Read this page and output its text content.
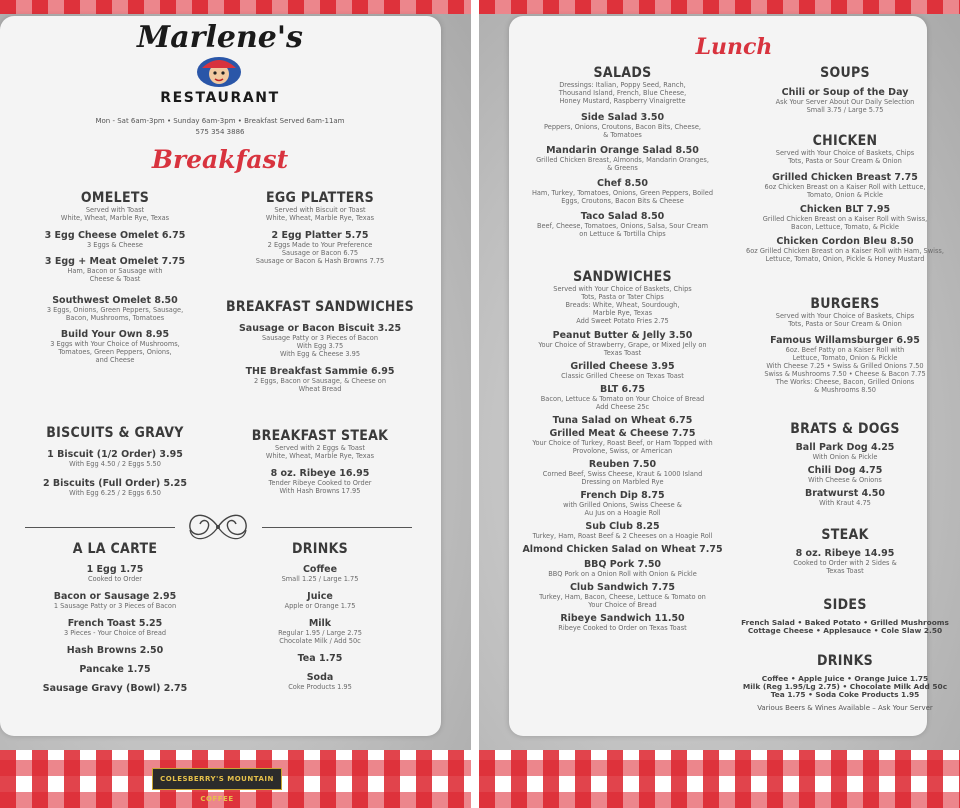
Marlene's
RESTAURANT
Mon - Sat 6am-3pm • Sunday 6am-3pm • Breakfast Served 6am-11am
575 354 3886
Breakfast
OMELETS
Served with Toast
White, Wheat, Marble Rye, Texas
3 Egg Cheese Omelet 6.75
3 Eggs & Cheese
3 Egg + Meat Omelet 7.75
Ham, Bacon or Sausage with
Cheese & Toast
Southwest Omelet 8.50
3 Eggs, Onions, Green Peppers, Sausage,
Bacon, Mushrooms, Tomatoes
Build Your Own 8.95
3 Eggs with Your Choice of Mushrooms,
Tomatoes, Green Peppers, Onions,
and Cheese
BISCUITS & GRAVY
1 Biscuit (1/2 Order) 3.95
With Egg 4.50 / 2 Eggs 5.50
2 Biscuits (Full Order) 5.25
With Egg 6.25 / 2 Eggs 6.50
EGG PLATTERS
Served with Biscuit or Toast
White, Wheat, Marble Rye, Texas
2 Egg Platter 5.75
2 Eggs Made to Your Preference
Sausage or Bacon 6.75
Sausage or Bacon & Hash Browns 7.75
BREAKFAST SANDWICHES
Sausage or Bacon Biscuit 3.25
Sausage Patty or 3 Pieces of Bacon
With Egg 3.75
With Egg & Cheese 3.95
THE Breakfast Sammie 6.95
2 Eggs, Bacon or Sausage, & Cheese on
Wheat Bread
BREAKFAST STEAK
Served with 2 Eggs & Toast
White, Wheat, Marble Rye, Texas
8 oz. Ribeye 16.95
Tender Ribeye Cooked to Order
With Hash Browns 17.95
A LA CARTE
1 Egg 1.75
Cooked to Order
Bacon or Sausage 2.95
1 Sausage Patty or 3 Pieces of Bacon
French Toast 5.25
3 Pieces - Your Choice of Bread
Hash Browns 2.50
Pancake 1.75
Sausage Gravy (Bowl) 2.75
DRINKS
Coffee
Small 1.25 / Large 1.75
Juice
Apple or Orange 1.75
Milk
Regular 1.95 / Large 2.75
Chocolate Milk / Add 50c
Tea 1.75
Soda
Coke Products 1.95
COLESBERRY'S MOUNTAIN COFFEE
Lunch
SALADS
Dressings: Italian, Poppy Seed, Ranch,
Thousand Island, French, Blue Cheese,
Honey Mustard, Raspberry Vinaigrette
Side Salad 3.50
Peppers, Onions, Croutons, Bacon Bits, Cheese,
& Tomatoes
Mandarin Orange Salad 8.50
Grilled Chicken Breast, Almonds, Mandarin Oranges,
& Greens
Chef 8.50
Ham, Turkey, Tomatoes, Onions, Green Peppers, Boiled
Eggs, Croutons, Bacon Bits & Cheese
Taco Salad 8.50
Beef, Cheese, Tomatoes, Onions, Salsa, Sour Cream
on Lettuce & Tortilla Chips
SANDWICHES
Served with Your Choice of Baskets, Chips
Tots, Pasta or Tater Chips
Breads: White, Wheat, Sourdough,
Marble Rye, Texas
Add Sweet Potato Fries 2.75
Peanut Butter & Jelly 3.50
Your Choice of Strawberry, Grape, or Mixed Jelly on
Texas Toast
Grilled Cheese 3.95
Classic Grilled Cheese on Texas Toast
BLT 6.75
Bacon, Lettuce & Tomato on Your Choice of Bread
Add Cheese 25c
Tuna Salad on Wheat 6.75
Grilled Meat & Cheese 7.75
Your Choice of Turkey, Roast Beef, or Ham Topped with
Provolone, Swiss, or American
Reuben 7.50
Corned Beef, Swiss Cheese, Kraut & 1000 Island
Dressing on Marbled Rye
French Dip 8.75
with Grilled Onions, Swiss Cheese &
Au Jus on a Hoagie Roll
Sub Club 8.25
Turkey, Ham, Roast Beef & 2 Cheeses on a Hoagie Roll
Almond Chicken Salad on Wheat 7.75
BBQ Pork 7.50
BBQ Pork on a Onion Roll with Onion & Pickle
Club Sandwich 7.75
Turkey, Ham, Bacon, Cheese, Lettuce & Tomato on
Your Choice of Bread
Ribeye Sandwich 11.50
Ribeye Cooked to Order on Texas Toast
SOUPS
Chili or Soup of the Day
Ask Your Server About Our Daily Selection
Small 3.75 / Large 5.75
CHICKEN
Served with Your Choice of Baskets, Chips
Tots, Pasta or Sour Cream & Onion
Grilled Chicken Breast 7.75
6oz Chicken Breast on a Kaiser Roll with Lettuce,
Tomato, Onion & Pickle
Chicken BLT 7.95
Grilled Chicken Breast on a Kaiser Roll with Swiss,
Bacon, Lettuce, Tomato, & Pickle
Chicken Cordon Bleu 8.50
6oz Grilled Chicken Breast on a Kaiser Roll with Ham, Swiss,
Lettuce, Tomato, Onion, Pickle & Honey Mustard
BURGERS
Served with Your Choice of Baskets, Chips
Tots, Pasta or Sour Cream & Onion
Famous Willamsburger 6.95
6oz. Beef Patty on a Kaiser Roll with
Lettuce, Tomato, Onion & Pickle
With Cheese 7.25 • Swiss & Grilled Onions 7.50
Swiss & Mushrooms 7.50 • Cheese & Bacon 7.75
The Works: Cheese, Bacon, Grilled Onions
& Mushrooms 8.50
BRATS & DOGS
Ball Park Dog 4.25
With Onion & Pickle
Chili Dog 4.75
With Cheese & Onions
Bratwurst 4.50
With Kraut 4.75
STEAK
8 oz. Ribeye 14.95
Cooked to Order with 2 Sides &
Texas Toast
SIDES
French Salad • Baked Potato • Grilled Mushrooms
Cottage Cheese • Applesauce • Cole Slaw 2.50
DRINKS
Coffee • Apple Juice • Orange Juice 1.75
Milk (Reg 1.95/Lg 2.75) • Chocolate Milk Add 50c
Tea 1.75 • Soda Coke Products 1.95
Various Beers & Wines Available – Ask Your Server
